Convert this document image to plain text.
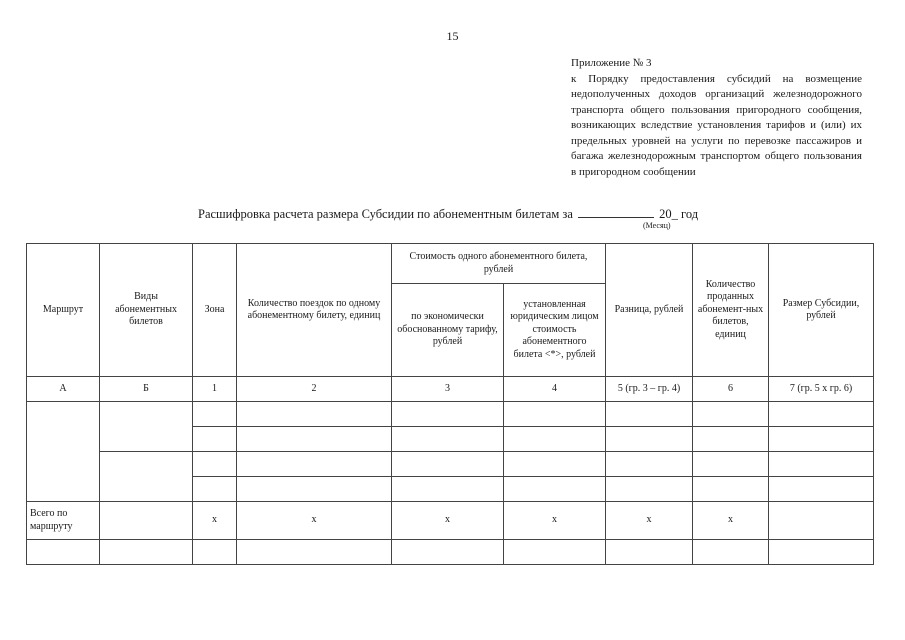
15
Приложение № 3
к Порядку предоставления субсидий на возмещение недополученных доходов организаций железнодорожного транспорта общего пользования пригородного сообщения, возникающих вследствие установления тарифов и (или) их предельных уровней на услуги по перевозке пассажиров и багажа железнодорожным транспортом общего пользования в пригородном сообщении
Расшифровка расчета размера Субсидии по абонементным билетам за	20_ год
(Месяц)
Маршрут	Виды абонементных билетов	Зона	Количество поездок по одному абонементному билету, единиц	Стоимость одного абонементного билета, рублей		Разница, рублей	Количество проданных абонемент-ных билетов, единиц	Размер Субсидии, рублей
				по экономически обоснованному тарифу, рублей	установленная юридическим лицом стоимость абонементного билета <*>, рублей			
А	Б	1	2	3	4	5 (гр. 3 – гр. 4)	6	7 (гр. 5 х гр. 6)

Всего по маршруту		x	x	x	x	x	x	
